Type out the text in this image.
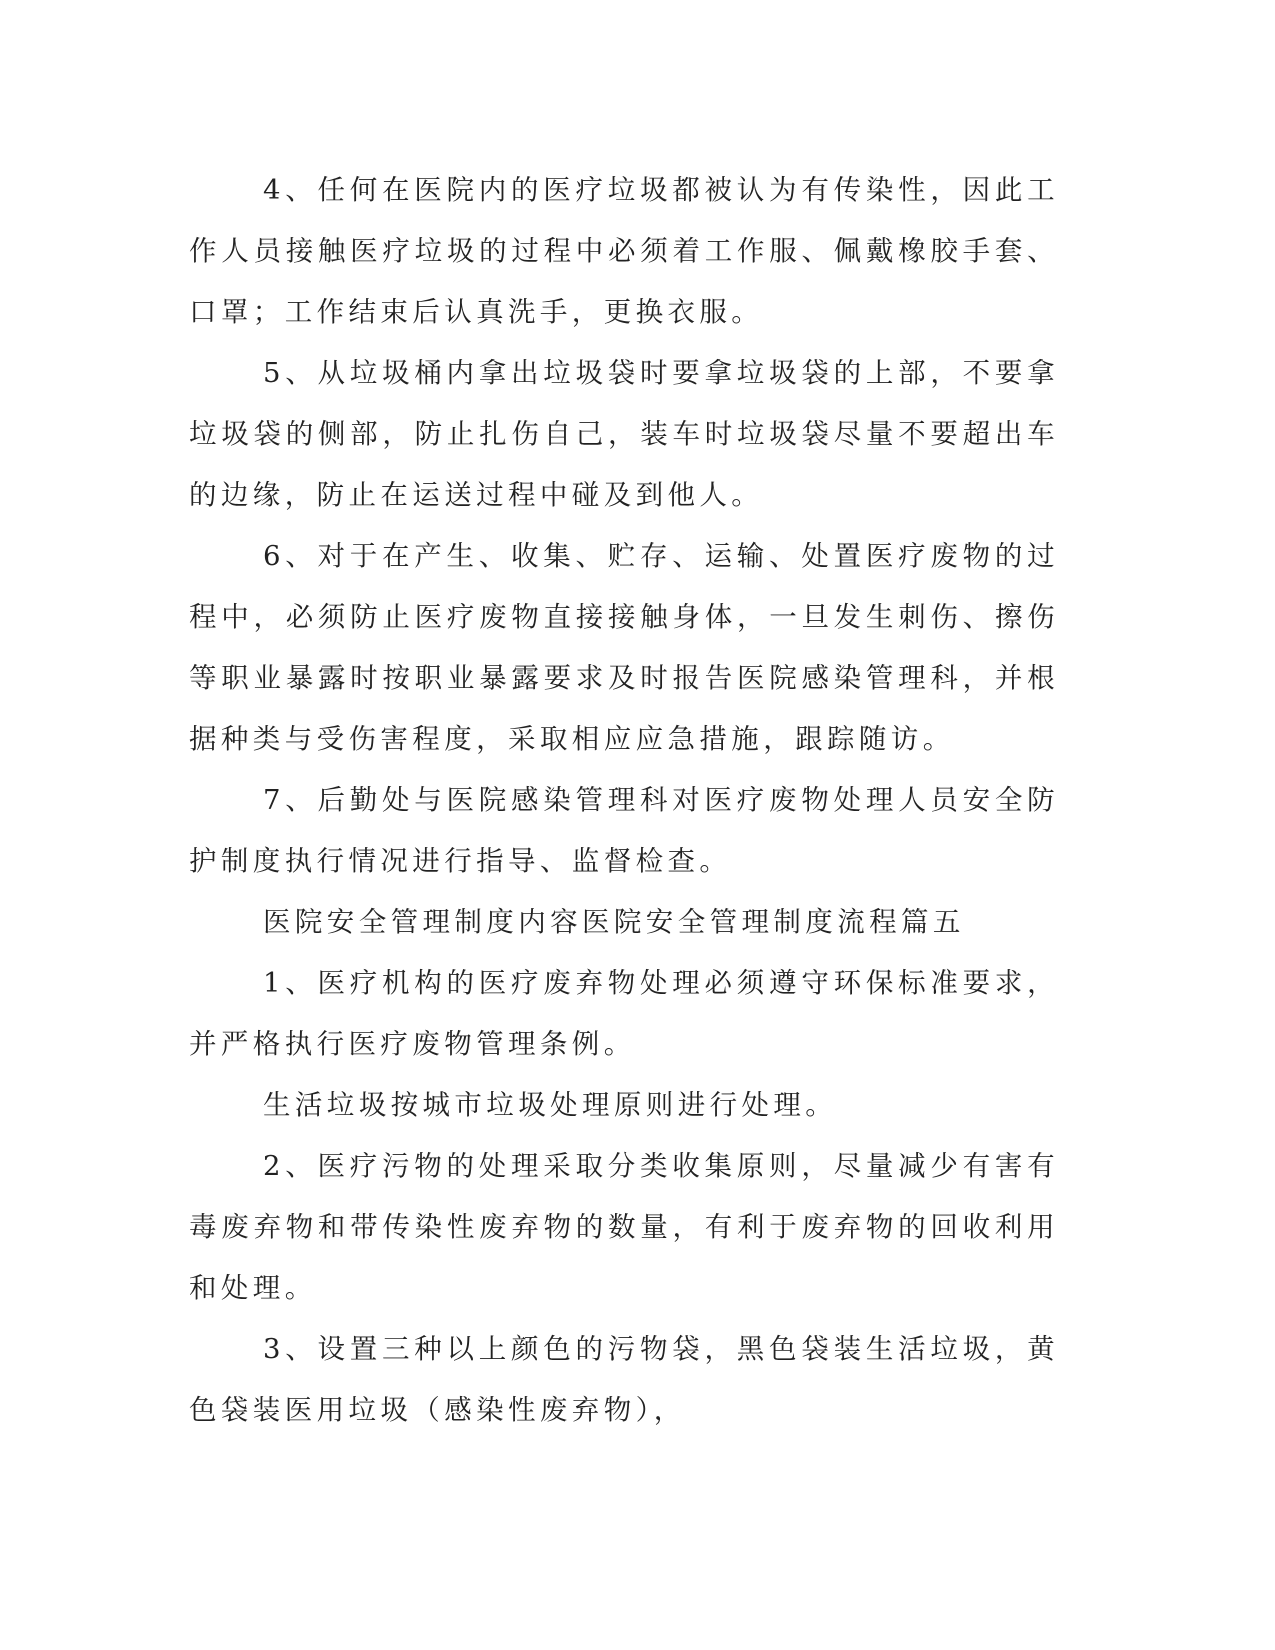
4、任何在医院内的医疗垃圾都被认为有传染性，因此工作人员接触医疗垃圾的过程中必须着工作服、佩戴橡胶手套、口罩；工作结束后认真洗手，更换衣服。

5、从垃圾桶内拿出垃圾袋时要拿垃圾袋的上部，不要拿垃圾袋的侧部，防止扎伤自己，装车时垃圾袋尽量不要超出车的边缘，防止在运送过程中碰及到他人。

6、对于在产生、收集、贮存、运输、处置医疗废物的过程中，必须防止医疗废物直接接触身体，一旦发生刺伤、擦伤等职业暴露时按职业暴露要求及时报告医院感染管理科，并根据种类与受伤害程度，采取相应应急措施，跟踪随访。

7、后勤处与医院感染管理科对医疗废物处理人员安全防护制度执行情况进行指导、监督检查。

医院安全管理制度内容医院安全管理制度流程篇五

1、医疗机构的医疗废弃物处理必须遵守环保标准要求，并严格执行医疗废物管理条例。

生活垃圾按城市垃圾处理原则进行处理。

2、医疗污物的处理采取分类收集原则，尽量减少有害有毒废弃物和带传染性废弃物的数量，有利于废弃物的回收利用和处理。

3、设置三种以上颜色的污物袋，黑色袋装生活垃圾，黄色袋装医用垃圾（感染性废弃物），
